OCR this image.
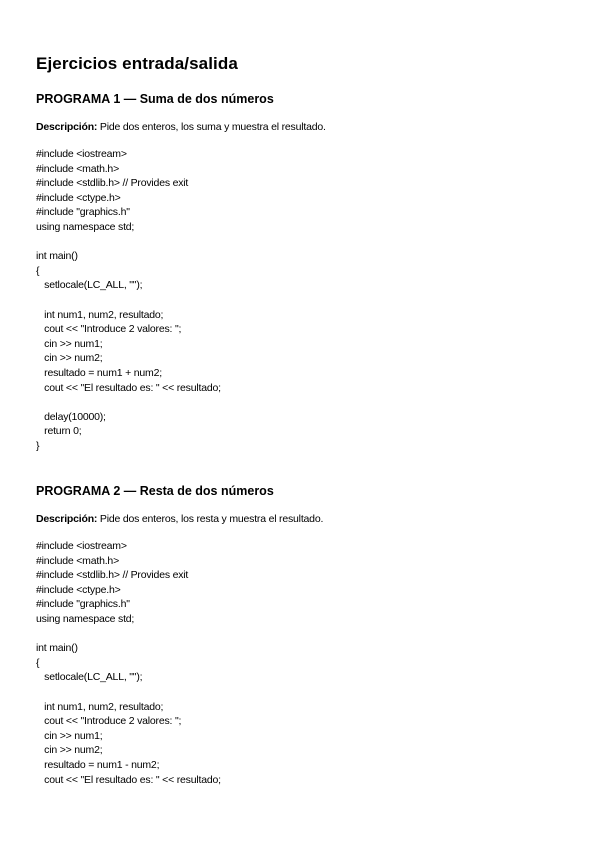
Ejercicios entrada/salida
PROGRAMA 1 — Suma de dos números

Descripción: Pide dos enteros, los suma y muestra el resultado.

#include <iostream>
#include <math.h>
#include <stdlib.h> // Provides exit
#include <ctype.h>
#include "graphics.h"
using namespace std;
int main()
{
setlocale(LC_ALL, "");
int num1, num2, resultado;
cout << "Introduce 2 valores: ";
cin >> num1;
cin >> num2;
resultado = num1 + num2;
cout << "El resultado es: " << resultado;
delay(10000);
return 0;
}
PROGRAMA 2 — Resta de dos números

Descripción: Pide dos enteros, los resta y muestra el resultado.

#include <iostream>
#include <math.h>
#include <stdlib.h> // Provides exit
#include <ctype.h>
#include "graphics.h"
using namespace std;
int main()
{
setlocale(LC_ALL, "");
int num1, num2, resultado;
cout << "Introduce 2 valores: ";
cin >> num1;
cin >> num2;
resultado = num1 - num2;
cout << "El resultado es: " << resultado;
